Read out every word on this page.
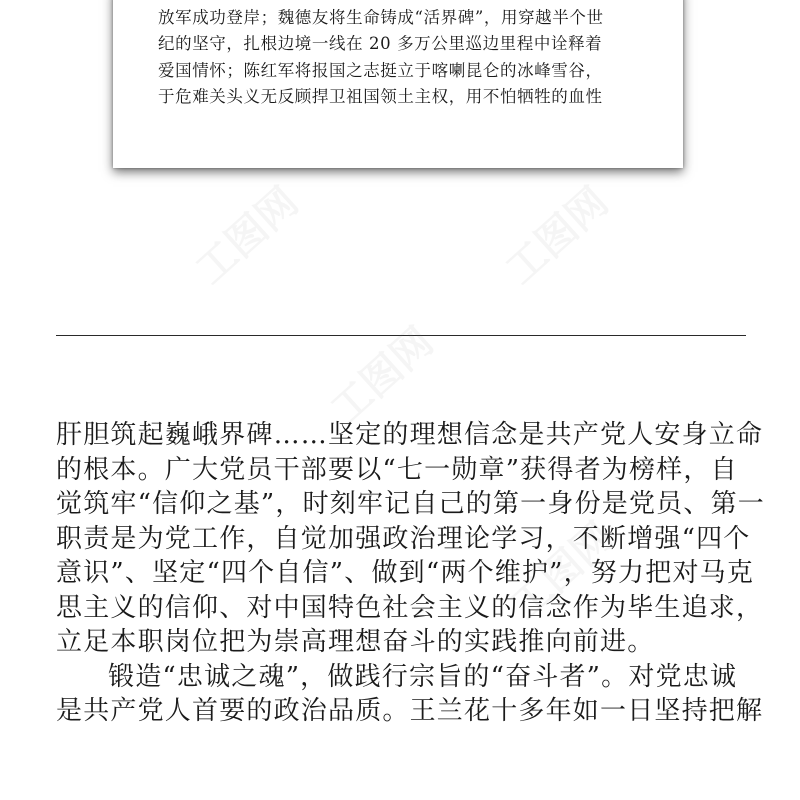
放军成功登岸；魏德友将生命铸成“活界碑”，用穿越半个世
纪的坚守，扎根边境一线在 20 多万公里巡边里程中诠释着
爱国情怀；陈红军将报国之志挺立于喀喇昆仑的冰峰雪谷，
于危难关头义无反顾捍卫祖国领土主权，用不怕牺牲的血性
肝胆筑起巍峨界碑……坚定的理想信念是共产党人安身立命
的根本。广大党员干部要以“七一勋章”获得者为榜样，自
觉筑牢“信仰之基”，时刻牢记自己的第一身份是党员、第一
职责是为党工作，自觉加强政治理论学习，不断增强“四个
意识”、坚定“四个自信”、做到“两个维护”，努力把对马克
思主义的信仰、对中国特色社会主义的信念作为毕生追求，
立足本职岗位把为崇高理想奋斗的实践推向前进。
锻造“忠诚之魂”，做践行宗旨的“奋斗者”。对党忠诚
是共产党人首要的政治品质。王兰花十多年如一日坚持把解
工图网	工图网
工图网
工图网
